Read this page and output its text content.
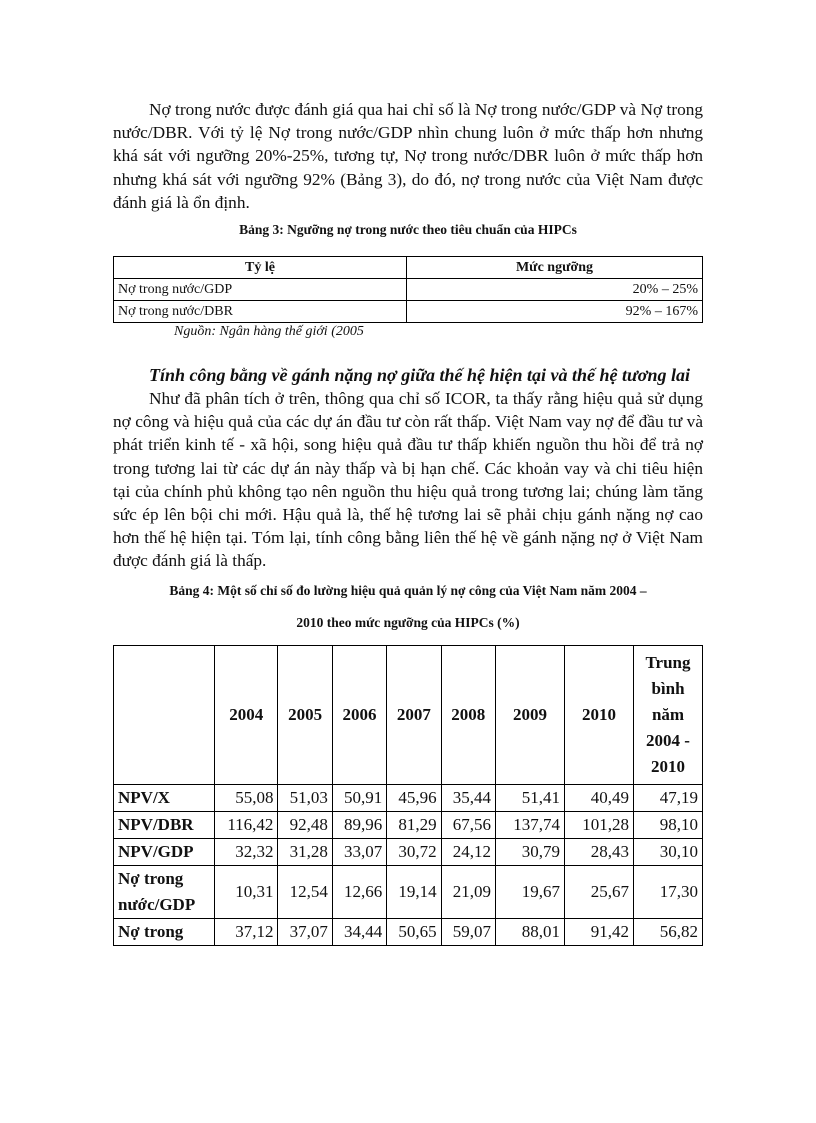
Nợ trong nước được đánh giá qua hai chỉ số là Nợ trong nước/GDP và Nợ trong nước/DBR. Với tỷ lệ Nợ trong nước/GDP nhìn chung luôn ở mức thấp hơn nhưng khá sát với ngưỡng 20%-25%, tương tự, Nợ trong nước/DBR luôn ở mức thấp hơn nhưng khá sát với ngưỡng 92% (Bảng 3), do đó, nợ trong nước của Việt Nam được đánh giá là ổn định.

Bảng 3: Ngưỡng nợ trong nước theo tiêu chuẩn của HIPCs

Tỷ lệ	Mức ngưỡng
Nợ trong nước/GDP	20% – 25%
Nợ trong nước/DBR	92% – 167%

Nguồn: Ngân hàng thế giới (2005

Tính công bằng về gánh nặng nợ giữa thế hệ hiện tại và thế hệ tương lai

Như đã phân tích ở trên, thông qua chỉ số ICOR, ta thấy rằng hiệu quả sử dụng nợ công và hiệu quả của các dự án đầu tư còn rất thấp. Việt Nam vay nợ để đầu tư và phát triển kinh tế - xã hội, song hiệu quả đầu tư thấp khiến nguồn thu hồi để trả nợ trong tương lai từ các dự án này thấp và bị hạn chế. Các khoản vay và chi tiêu hiện tại của chính phủ không tạo nên nguồn thu hiệu quả trong tương lai; chúng làm tăng sức ép lên bội chi mới. Hậu quả là, thế hệ tương lai sẽ phải chịu gánh nặng nợ cao hơn thế hệ hiện tại. Tóm lại, tính công bằng liên thế hệ về gánh nặng nợ ở Việt Nam được đánh giá là thấp.

Bảng 4: Một số chỉ số đo lường hiệu quả quản lý nợ công của Việt Nam năm 2004 –

2010 theo mức ngưỡng của HIPCs (%)

	2004	2005	2006	2007	2008	2009	2010	Trung bình năm 2004 - 2010
NPV/X	55,08	51,03	50,91	45,96	35,44	51,41	40,49	47,19
NPV/DBR	116,42	92,48	89,96	81,29	67,56	137,74	101,28	98,10
NPV/GDP	32,32	31,28	33,07	30,72	24,12	30,79	28,43	30,10
Nợ trong nước/GDP	10,31	12,54	12,66	19,14	21,09	19,67	25,67	17,30
Nợ trong	37,12	37,07	34,44	50,65	59,07	88,01	91,42	56,82
